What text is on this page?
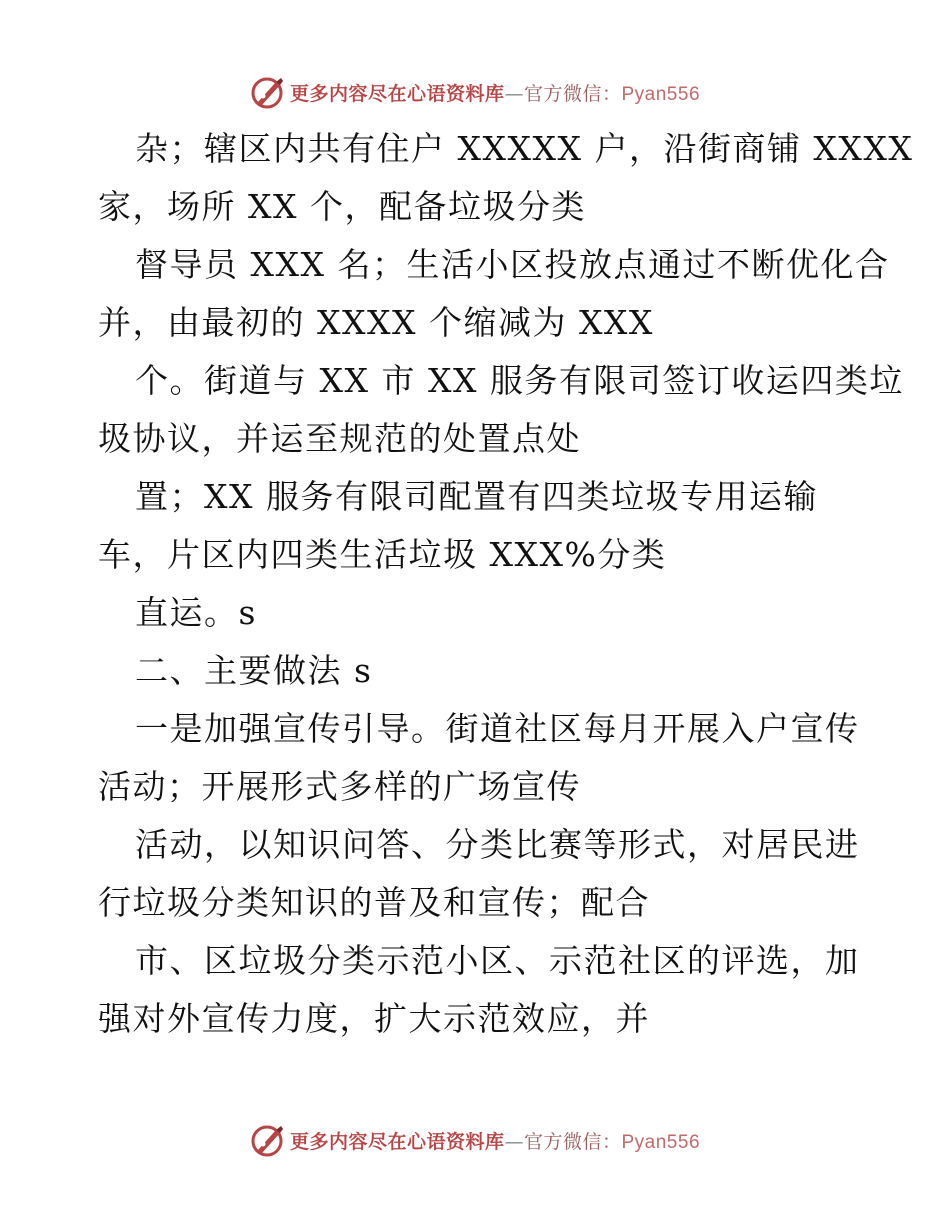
更多内容尽在心语资料库—官方微信：Pyan556
杂；辖区内共有住户 XXXXX 户，沿街商铺 XXXX
家，场所 XX 个，配备垃圾分类
督导员 XXX 名；生活小区投放点通过不断优化合
并，由最初的 XXXX 个缩减为 XXX
个。街道与 XX 市 XX 服务有限司签订收运四类垃
圾协议，并运至规范的处置点处
置；XX 服务有限司配置有四类垃圾专用运输
车，片区内四类生活垃圾 XXX%分类
直运。s
二、主要做法 s
一是加强宣传引导。街道社区每月开展入户宣传
活动；开展形式多样的广场宣传
活动，以知识问答、分类比赛等形式，对居民进
行垃圾分类知识的普及和宣传；配合
市、区垃圾分类示范小区、示范社区的评选，加
强对外宣传力度，扩大示范效应，并
更多内容尽在心语资料库—官方微信：Pyan556
